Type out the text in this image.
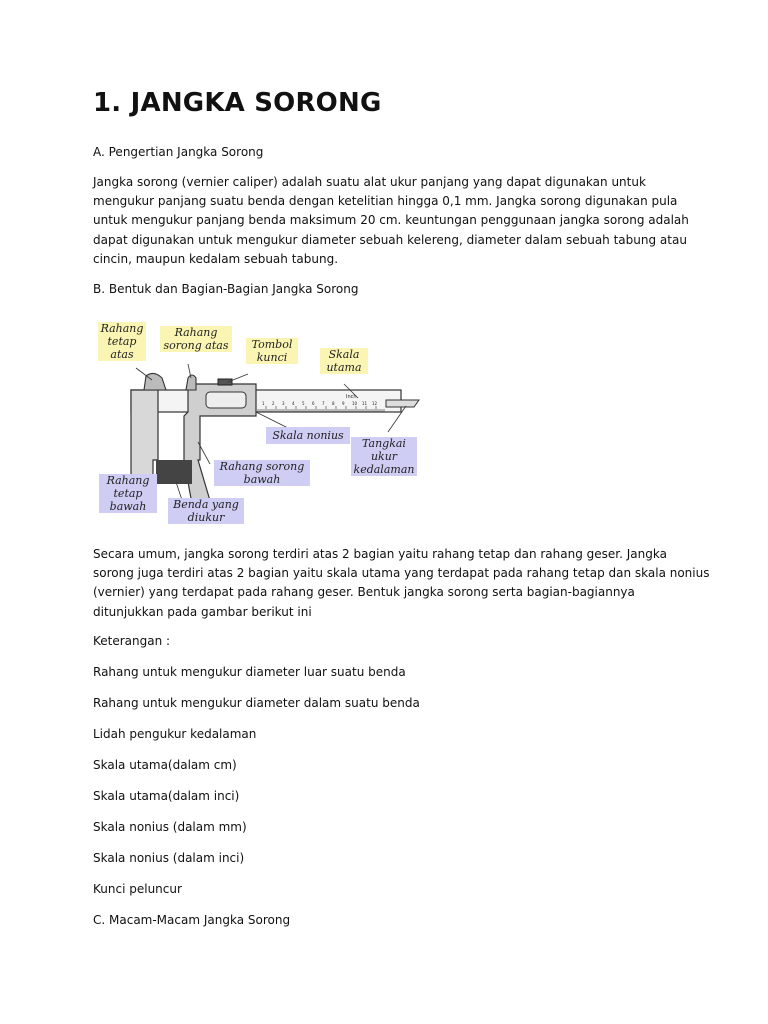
1. JANGKA SORONG
A. Pengertian Jangka Sorong
Jangka sorong (vernier caliper) adalah suatu alat ukur panjang yang dapat digunakan untuk
mengukur panjang suatu benda dengan ketelitian hingga 0,1 mm. Jangka sorong digunakan pula
untuk mengukur panjang benda maksimum 20 cm. keuntungan penggunaan jangka sorong adalah
dapat digunakan untuk mengukur diameter sebuah kelereng, diameter dalam sebuah tabung atau
cincin, maupun kedalam sebuah tabung.
B. Bentuk dan Bagian-Bagian Jangka Sorong
Inch
1 2 3 4 5 6 7 8 9 10 11 12
Rahang
tetap
atas
Rahang
sorong atas	Tombol
kunci	Skala
utama
Skala nonius
Tangkai
ukur
kedalaman
Rahang
tetap
bawah	Benda yang
diukur
Rahang sorong
bawah
Secara umum, jangka sorong terdiri atas 2 bagian yaitu rahang tetap dan rahang geser. Jangka
sorong juga terdiri atas 2 bagian yaitu skala utama yang terdapat pada rahang tetap dan skala nonius
(vernier) yang terdapat pada rahang geser. Bentuk jangka sorong serta bagian-bagiannya
ditunjukkan pada gambar berikut ini
Keterangan :
Rahang untuk mengukur diameter luar suatu benda
Rahang untuk mengukur diameter dalam suatu benda
Lidah pengukur kedalaman
Skala utama(dalam cm)
Skala utama(dalam inci)
Skala nonius (dalam mm)
Skala nonius (dalam inci)
Kunci peluncur
C. Macam-Macam Jangka Sorong
